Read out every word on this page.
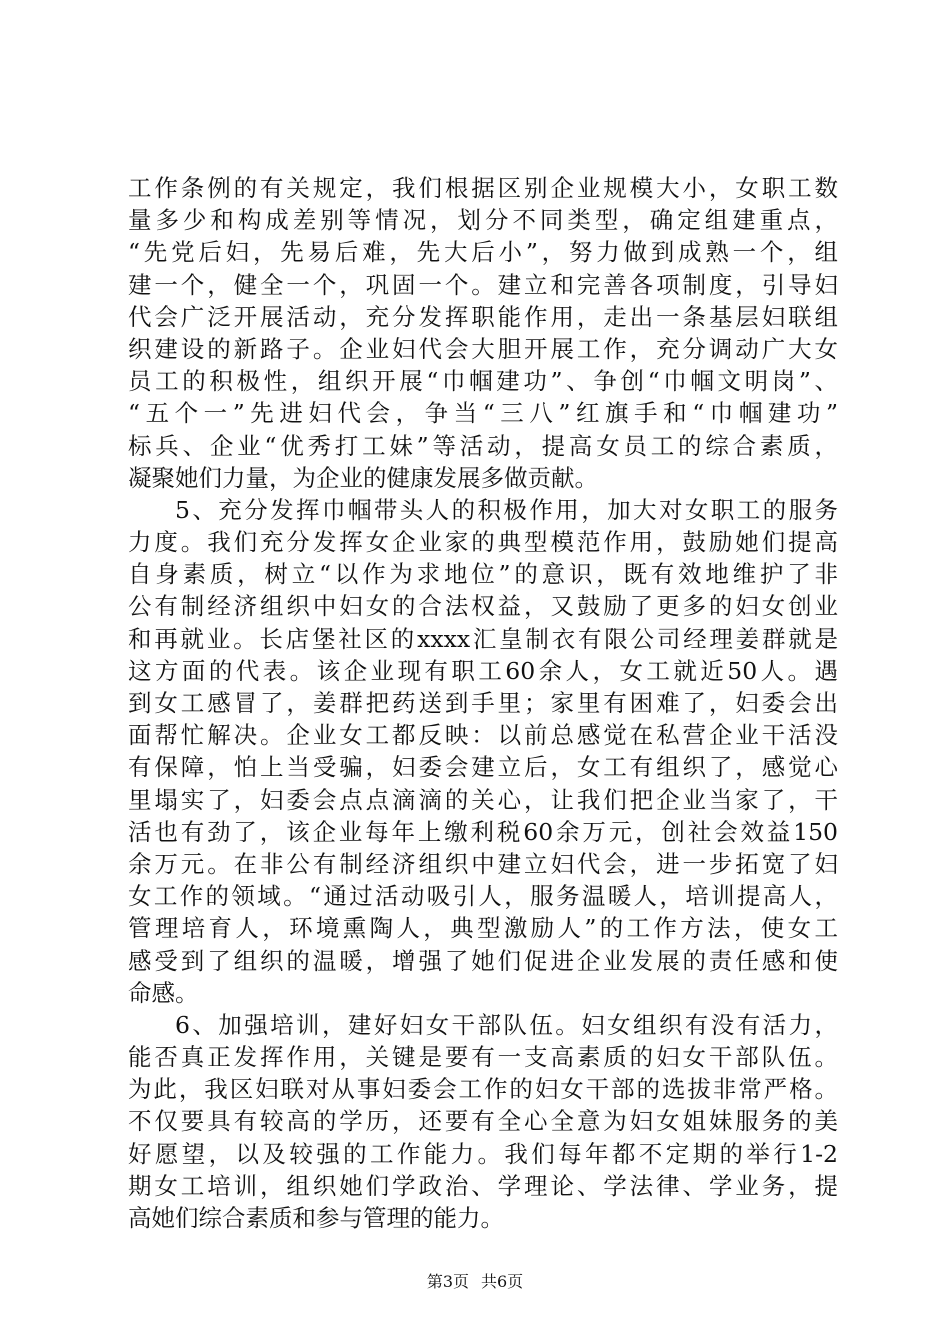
工作条例的有关规定，我们根据区别企业规模大小，女职工数
量多少和构成差别等情况，划分不同类型，确定组建重点，
“先党后妇，先易后难，先大后小”，努力做到成熟一个，组
建一个，健全一个，巩固一个。建立和完善各项制度，引导妇
代会广泛开展活动，充分发挥职能作用，走出一条基层妇联组
织建设的新路子。企业妇代会大胆开展工作，充分调动广大女
员工的积极性，组织开展“巾帼建功”、争创“巾帼文明岗”、
“五个一”先进妇代会，争当“三八”红旗手和“巾帼建功”
标兵、企业“优秀打工妹”等活动，提高女员工的综合素质，
凝聚她们力量，为企业的健康发展多做贡献。
5、充分发挥巾帼带头人的积极作用，加大对女职工的服务
力度。我们充分发挥女企业家的典型模范作用，鼓励她们提高
自身素质，树立“以作为求地位”的意识，既有效地维护了非
公有制经济组织中妇女的合法权益，又鼓励了更多的妇女创业
和再就业。长店堡社区的xxxx汇皇制衣有限公司经理姜群就是
这方面的代表。该企业现有职工60余人，女工就近50人。遇
到女工感冒了，姜群把药送到手里；家里有困难了，妇委会出
面帮忙解决。企业女工都反映：以前总感觉在私营企业干活没
有保障，怕上当受骗，妇委会建立后，女工有组织了，感觉心
里塌实了，妇委会点点滴滴的关心，让我们把企业当家了，干
活也有劲了，该企业每年上缴利税60余万元，创社会效益150
余万元。在非公有制经济组织中建立妇代会，进一步拓宽了妇
女工作的领域。“通过活动吸引人，服务温暖人，培训提高人，
管理培育人，环境熏陶人，典型激励人”的工作方法，使女工
感受到了组织的温暖，增强了她们促进企业发展的责任感和使
命感。
6、加强培训，建好妇女干部队伍。妇女组织有没有活力，
能否真正发挥作用，关键是要有一支高素质的妇女干部队伍。
为此，我区妇联对从事妇委会工作的妇女干部的选拔非常严格。
不仅要具有较高的学历，还要有全心全意为妇女姐妹服务的美
好愿望，以及较强的工作能力。我们每年都不定期的举行1-2
期女工培训，组织她们学政治、学理论、学法律、学业务，提
高她们综合素质和参与管理的能力。
第3页 共6页
